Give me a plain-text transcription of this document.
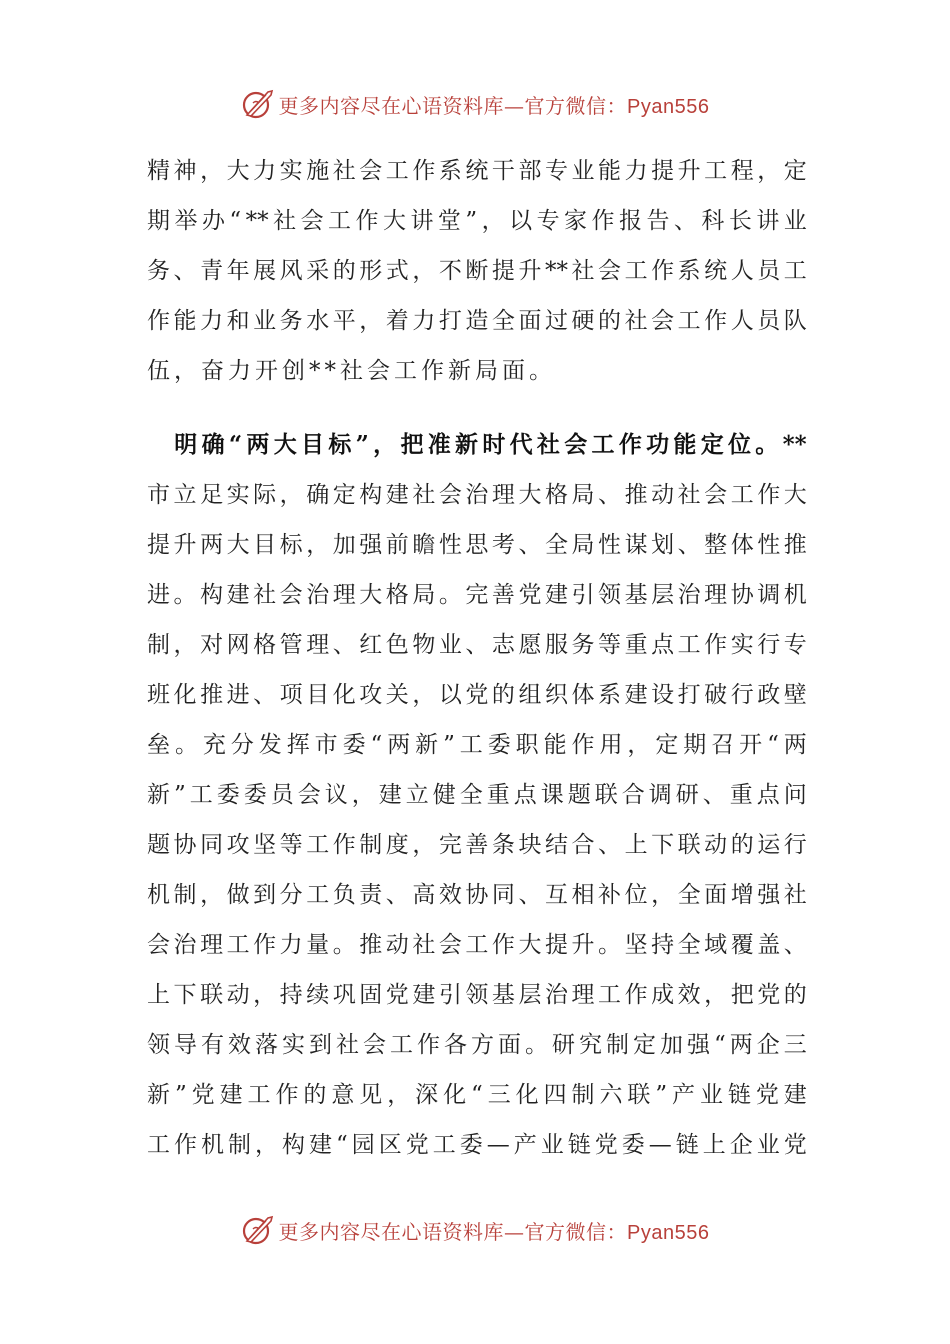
更多内容尽在心语资料库—官方微信：Pyan556
精 神 ， 大 力 实 施 社 会 工 作 系 统 干 部 专 业 能 力 提 升 工 程 ， 定
期 举 办 “ ** 社 会 工 作 大 讲 堂 ” ， 以 专 家 作 报 告 、 科 长 讲 业
务 、 青 年 展 风 采 的 形 式 ， 不 断 提 升 ** 社 会 工 作 系 统 人 员 工
作 能 力 和 业 务 水 平 ， 着 力 打 造 全 面 过 硬 的 社 会 工 作 人 员 队
伍 ， 奋 力 开 创 ** 社 会 工 作 新 局 面 。

明 确 “ 两 大 目 标 ” ， 把 准 新 时 代 社 会 工 作 功 能 定 位 。 **
市 立 足 实 际 ， 确 定 构 建 社 会 治 理 大 格 局 、 推 动 社 会 工 作 大
提 升 两 大 目 标 ， 加 强 前 瞻 性 思 考 、 全 局 性 谋 划 、 整 体 性 推
进 。 构 建 社 会 治 理 大 格 局 。 完 善 党 建 引 领 基 层 治 理 协 调 机
制 ， 对 网 格 管 理 、 红 色 物 业 、 志 愿 服 务 等 重 点 工 作 实 行 专
班 化 推 进 、 项 目 化 攻 关 ， 以 党 的 组 织 体 系 建 设 打 破 行 政 壁
垒 。 充 分 发 挥 市 委 “ 两 新 ” 工 委 职 能 作 用 ， 定 期 召 开 “ 两
新 ” 工 委 委 员 会 议 ， 建 立 健 全 重 点 课 题 联 合 调 研 、 重 点 问
题 协 同 攻 坚 等 工 作 制 度 ， 完 善 条 块 结 合 、 上 下 联 动 的 运 行
机 制 ， 做 到 分 工 负 责 、 高 效 协 同 、 互 相 补 位 ， 全 面 增 强 社
会 治 理 工 作 力 量 。 推 动 社 会 工 作 大 提 升 。 坚 持 全 域 覆 盖 、
上 下 联 动 ， 持 续 巩 固 党 建 引 领 基 层 治 理 工 作 成 效 ， 把 党 的
领 导 有 效 落 实 到 社 会 工 作 各 方 面 。 研 究 制 定 加 强 “ 两 企 三
新 ” 党 建 工 作 的 意 见 ， 深 化 “ 三 化 四 制 六 联 ” 产 业 链 党 建
工 作 机 制 ， 构 建 “ 园 区 党 工 委 — 产 业 链 党 委 — 链 上 企 业 党
更多内容尽在心语资料库—官方微信：Pyan556
